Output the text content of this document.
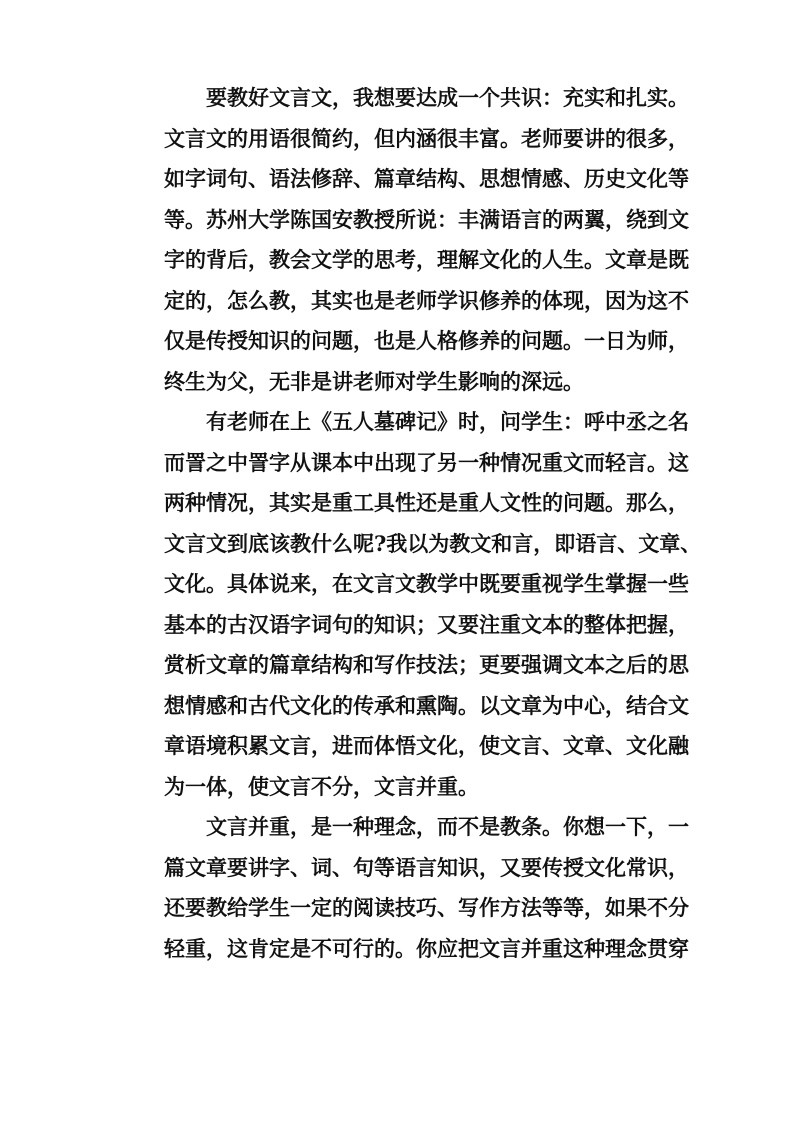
要教好文言文，我想要达成一个共识：充实和扎实。
文言文的用语很简约，但内涵很丰富。老师要讲的很多，
如字词句、语法修辞、篇章结构、思想情感、历史文化等
等。苏州大学陈国安教授所说：丰满语言的两翼，绕到文
字的背后，教会文学的思考，理解文化的人生。文章是既
定的，怎么教，其实也是老师学识修养的体现，因为这不
仅是传授知识的问题，也是人格修养的问题。一日为师，
终生为父，无非是讲老师对学生影响的深远。
有老师在上《五人墓碑记》时，问学生：呼中丞之名
而詈之中詈字从课本中出现了另一种情况重文而轻言。这
两种情况，其实是重工具性还是重人文性的问题。那么，
文言文到底该教什么呢?我以为教文和言，即语言、文章、
文化。具体说来，在文言文教学中既要重视学生掌握一些
基本的古汉语字词句的知识；又要注重文本的整体把握，
赏析文章的篇章结构和写作技法；更要强调文本之后的思
想情感和古代文化的传承和熏陶。以文章为中心，结合文
章语境积累文言，进而体悟文化，使文言、文章、文化融
为一体，使文言不分，文言并重。
文言并重，是一种理念，而不是教条。你想一下，一
篇文章要讲字、词、句等语言知识，又要传授文化常识，
还要教给学生一定的阅读技巧、写作方法等等，如果不分
轻重，这肯定是不可行的。你应把文言并重这种理念贯穿
